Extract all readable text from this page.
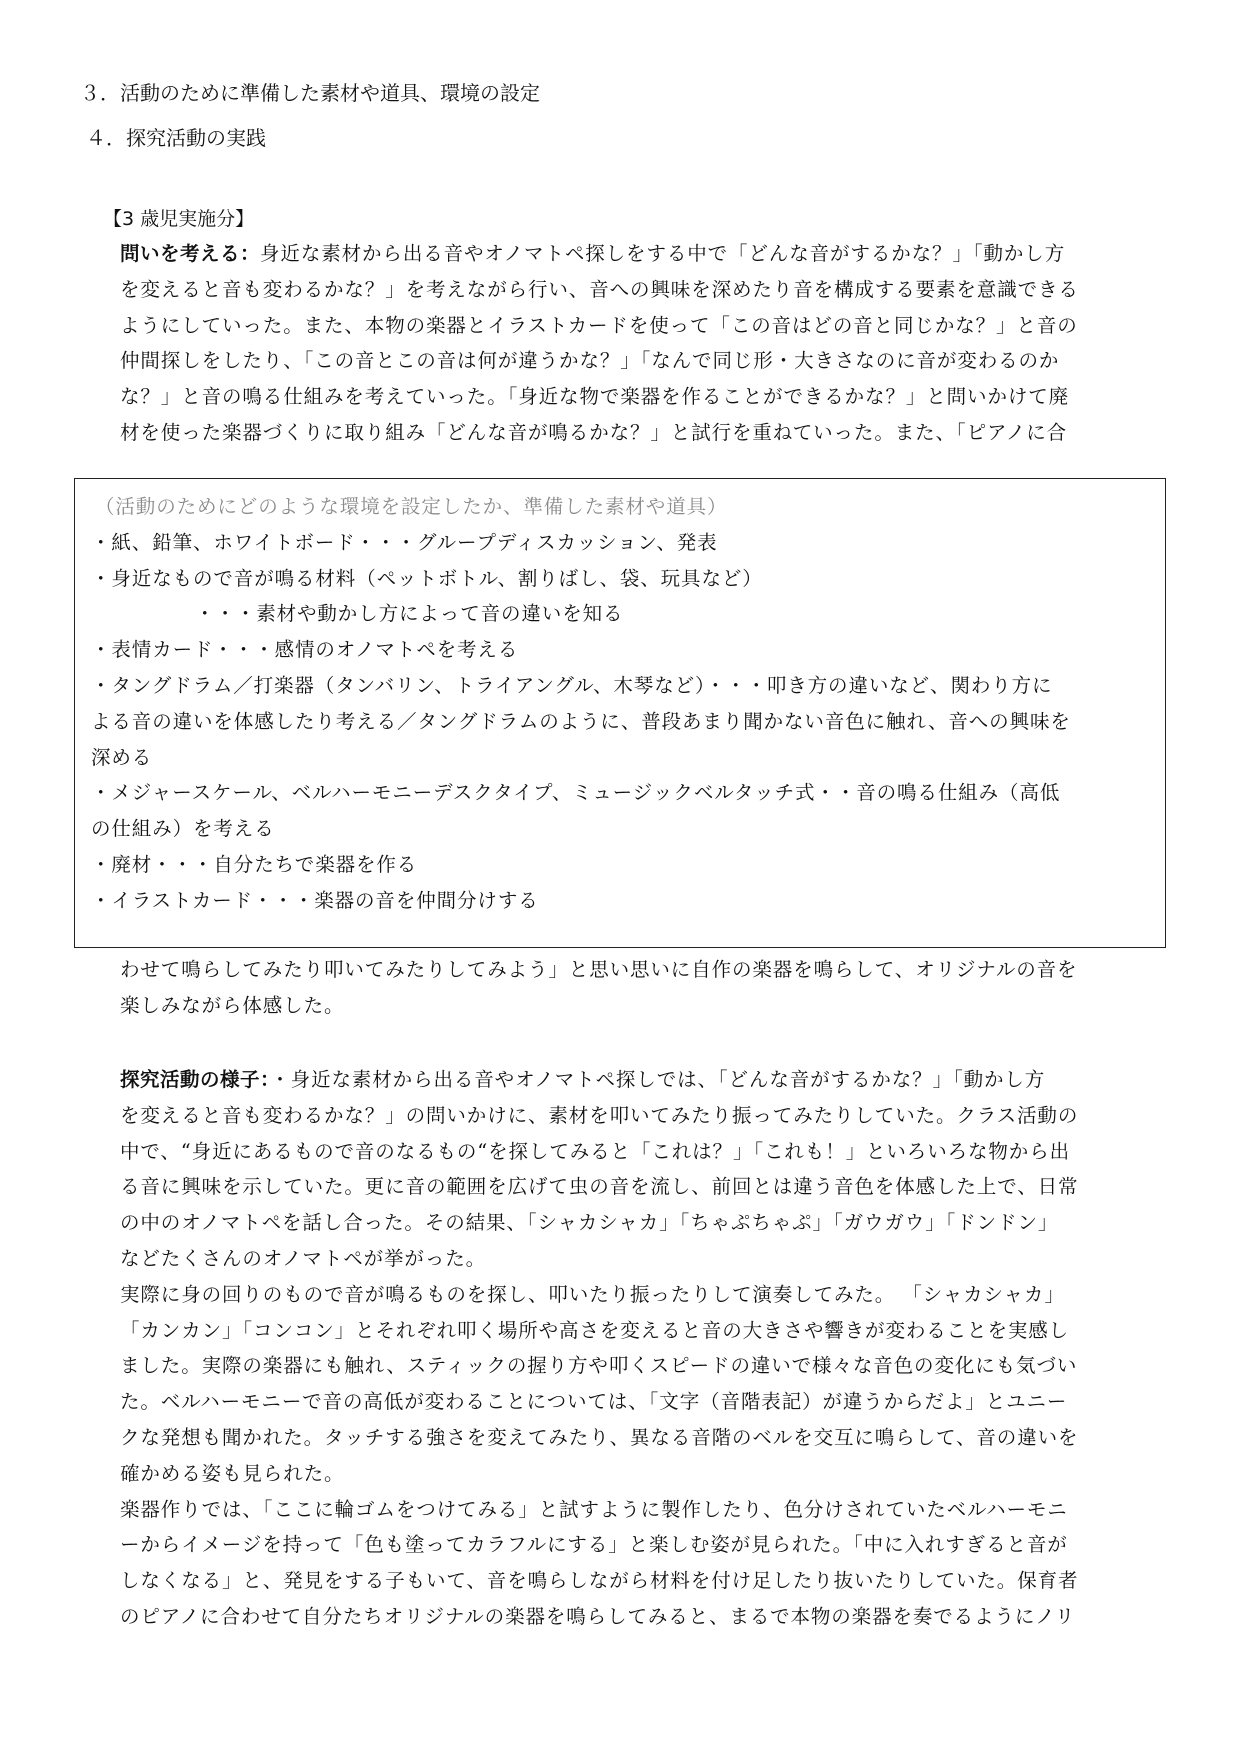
３．活動のために準備した素材や道具、環境の設定
４．探究活動の実践
【3 歳児実施分】
問いを考える：身近な素材から出る音やオノマトペ探しをする中で「どんな音がするかな？」「動かし方
を変えると音も変わるかな？」を考えながら行い、音への興味を深めたり音を構成する要素を意識できる
ようにしていった。また、本物の楽器とイラストカードを使って「この音はどの音と同じかな？」と音の
仲間探しをしたり、「この音とこの音は何が違うかな？」「なんで同じ形・大きさなのに音が変わるのか
な？」と音の鳴る仕組みを考えていった。「身近な物で楽器を作ることができるかな？」と問いかけて廃
材を使った楽器づくりに取り組み「どんな音が鳴るかな？」と試行を重ねていった。また、「ピアノに合
（活動のためにどのような環境を設定したか、準備した素材や道具）
・紙、鉛筆、ホワイトボード・・・グループディスカッション、発表
・身近なもので音が鳴る材料（ペットボトル、割りばし、袋、玩具など）
・・・素材や動かし方によって音の違いを知る
・表情カード・・・感情のオノマトペを考える
・タングドラム／打楽器（タンバリン、トライアングル、木琴など）・・・叩き方の違いなど、関わり方に
よる音の違いを体感したり考える／タングドラムのように、普段あまり聞かない音色に触れ、音への興味を
深める
・メジャースケール、ベルハーモニーデスクタイプ、ミュージックベルタッチ式・・音の鳴る仕組み（高低
の仕組み）を考える
・廃材・・・自分たちで楽器を作る
・イラストカード・・・楽器の音を仲間分けする
わせて鳴らしてみたり叩いてみたりしてみよう」と思い思いに自作の楽器を鳴らして、オリジナルの音を
楽しみながら体感した。
探究活動の様子：・身近な素材から出る音やオノマトペ探しでは、「どんな音がするかな？」「動かし方
を変えると音も変わるかな？」の問いかけに、素材を叩いてみたり振ってみたりしていた。クラス活動の
中で、“身近にあるもので音のなるもの“を探してみると「これは？」「これも！」といろいろな物から出
る音に興味を示していた。更に音の範囲を広げて虫の音を流し、前回とは違う音色を体感した上で、日常
の中のオノマトペを話し合った。その結果、「シャカシャカ」「ちゃぷちゃぷ」「ガウガウ」「ドンドン」
などたくさんのオノマトペが挙がった。
実際に身の回りのもので音が鳴るものを探し、叩いたり振ったりして演奏してみた。 「シャカシャカ」
「カンカン」「コンコン」とそれぞれ叩く場所や高さを変えると音の大きさや響きが変わることを実感し
ました。実際の楽器にも触れ、スティックの握り方や叩くスピードの違いで様々な音色の変化にも気づい
た。ベルハーモニーで音の高低が変わることについては、「文字（音階表記）が違うからだよ」とユニー
クな発想も聞かれた。タッチする強さを変えてみたり、異なる音階のベルを交互に鳴らして、音の違いを
確かめる姿も見られた。
楽器作りでは、「ここに輪ゴムをつけてみる」と試すように製作したり、色分けされていたベルハーモニ
ーからイメージを持って「色も塗ってカラフルにする」と楽しむ姿が見られた。「中に入れすぎると音が
しなくなる」と、発見をする子もいて、音を鳴らしながら材料を付け足したり抜いたりしていた。保育者
のピアノに合わせて自分たちオリジナルの楽器を鳴らしてみると、まるで本物の楽器を奏でるようにノリ
